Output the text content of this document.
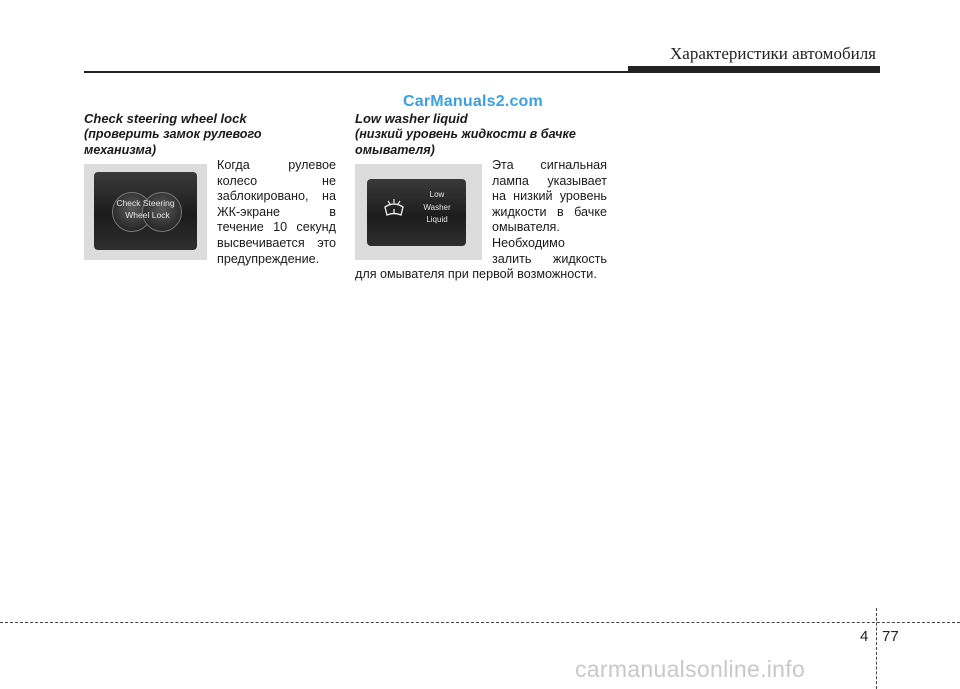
Характеристики автомобиля
CarManuals2.com
Check steering wheel lock
(проверить замок рулевого
механизма)
Check Steering
Wheel Lock
Когда рулевое колесо не заблокировано, на ЖК-экране в течение 10 секунд высвечивается это предупреждение.
Low washer liquid
(низкий уровень жидкости в бачке
омывателя)
Low
Washer
Liquid
Эта сигнальная лампа указывает на низкий уровень жидкости в бачке омывателя. Необходимо залить жидкость для омывателя при первой возможности.
4 77
carmanualsonline.info
